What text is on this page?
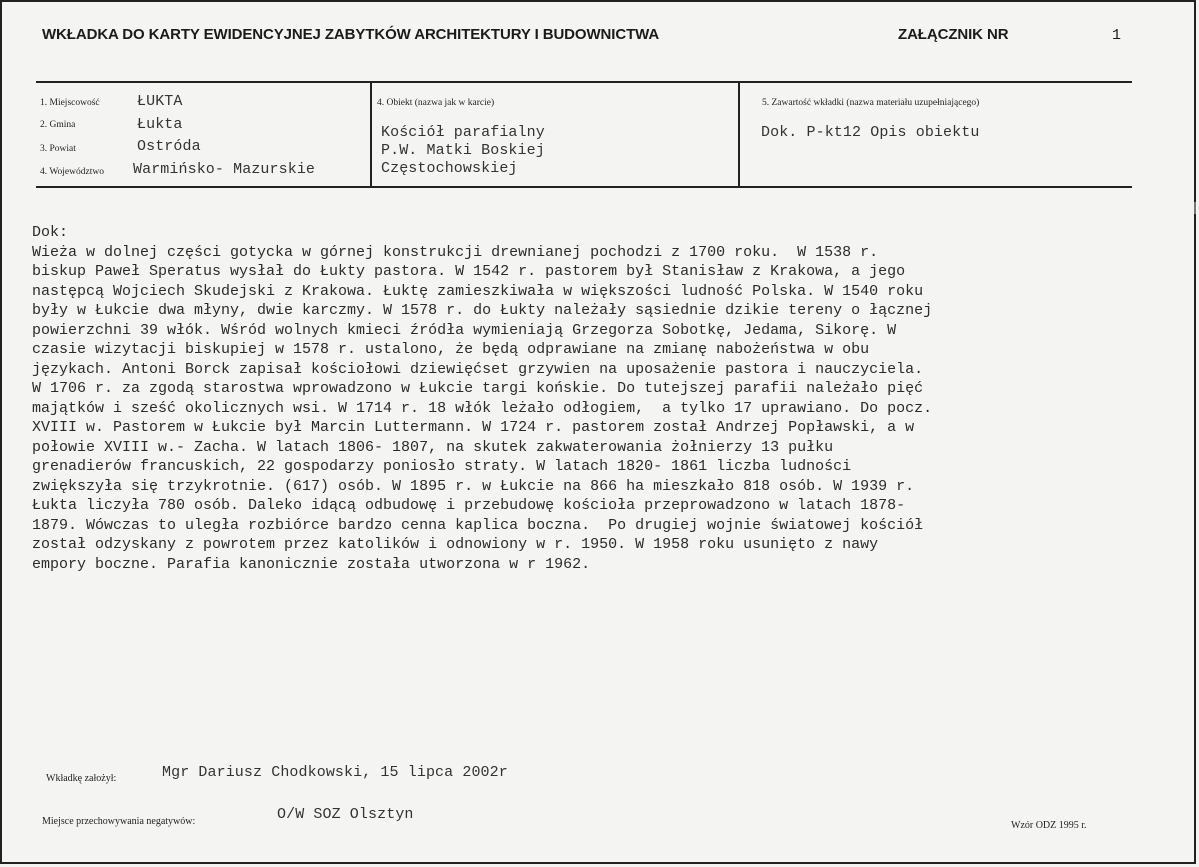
WKŁADKA DO KARTY EWIDENCYJNEJ ZABYTKÓW ARCHITEKTURY I BUDOWNICTWA	ZAŁĄCZNIK NR	1
1. Miejscowość ŁUKTA
2. Gmina	Łukta
3. Powiat	Ostróda
4. Województwo Warmińsko- Mazurskie
4. Obiekt (nazwa jak w karcie)
Kościół parafialny
P.W. Matki Boskiej
Częstochowskiej
5. Zawartość wkładki (nazwa materiału uzupełniającego)
Dok. P-kt12 Opis obiektu
Dok:
Wieża w dolnej części gotycka w górnej konstrukcji drewnianej pochodzi z 1700 roku.  W 1538 r.
biskup Paweł Speratus wysłał do Łukty pastora. W 1542 r. pastorem był Stanisław z Krakowa, a jego
następcą Wojciech Skudejski z Krakowa. Łuktę zamieszkiwała w większości ludność Polska. W 1540 roku
były w Łukcie dwa młyny, dwie karczmy. W 1578 r. do Łukty należały sąsiednie dzikie tereny o łącznej
powierzchni 39 włók. Wśród wolnych kmieci źródła wymieniają Grzegorza Sobotkę, Jedama, Sikorę. W
czasie wizytacji biskupiej w 1578 r. ustalono, że będą odprawiane na zmianę nabożeństwa w obu
językach. Antoni Borck zapisał kościołowi dziewięćset grzywien na uposażenie pastora i nauczyciela.
W 1706 r. za zgodą starostwa wprowadzono w Łukcie targi końskie. Do tutejszej parafii należało pięć
majątków i sześć okolicznych wsi. W 1714 r. 18 włók leżało odłogiem,  a tylko 17 uprawiano. Do pocz.
XVIII w. Pastorem w Łukcie był Marcin Luttermann. W 1724 r. pastorem został Andrzej Popławski, a w
połowie XVIII w.- Zacha. W latach 1806- 1807, na skutek zakwaterowania żołnierzy 13 pułku
grenadierów francuskich, 22 gospodarzy poniosło straty. W latach 1820- 1861 liczba ludności
zwiększyła się trzykrotnie. (617) osób. W 1895 r. w Łukcie na 866 ha mieszkało 818 osób. W 1939 r.
Łukta liczyła 780 osób. Daleko idącą odbudowę i przebudowę kościoła przeprowadzono w latach 1878-
1879. Wówczas to uległa rozbiórce bardzo cenna kaplica boczna.  Po drugiej wojnie światowej kościół
został odzyskany z powrotem przez katolików i odnowiony w r. 1950. W 1958 roku usunięto z nawy
empory boczne. Parafia kanonicznie została utworzona w r 1962.
Wkładkę założył:	Mgr Dariusz Chodkowski, 15 lipca 2002r
Miejsce przechowywania negatywów:	O/W SOZ Olsztyn
Wzór ODZ 1995 r.
